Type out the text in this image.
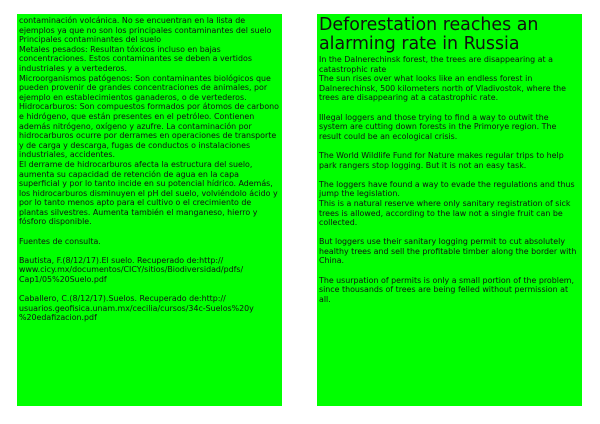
contaminación volcánica. No se encuentran en la lista de ejemplos ya que no son los principales contaminantes del suelo
Principales contaminantes del suelo
Metales pesados: Resultan tóxicos incluso en bajas concentraciones. Estos contaminantes se deben a vertidos industriales y a vertederos.
Microorganismos patógenos: Son contaminantes biológicos que pueden provenir de grandes concentraciones de animales, por ejemplo en establecimientos ganaderos, o de vertederos.
Hidrocarburos: Son compuestos formados por átomos de carbono e hidrógeno, que están presentes en el petróleo. Contienen además nitrógeno, oxígeno y azufre. La contaminación por hidrocarburos ocurre por derrames en operaciones de transporte y de carga y descarga, fugas de conductos o instalaciones industriales, accidentes.
El derrame de hidrocarburos afecta la estructura del suelo, aumenta su capacidad de retención de agua en la capa superficial y por lo tanto incide en su potencial hídrico. Además, los hidrocarburos disminuyen el pH del suelo, volviéndolo ácido y por lo tanto menos apto para el cultivo o el crecimiento de plantas silvestres. Aumenta también el manganeso, hierro y fósforo disponible.

Fuentes de consulta.

Bautista, F.(8/12/17).El suelo. Recuperado de:http://
www.cicy.mx/documentos/CICY/sitios/Biodiversidad/pdfs/
Cap1/05%20Suelo.pdf

Caballero, C.(8/12/17).Suelos. Recuperado de:http://
usuarios.geofisica.unam.mx/cecilia/cursos/34c-Suelos%20y
%20edafizacion.pdf

Deforestation reaches an alarming rate in Russia

In the Dalnerechinsk forest, the trees are disappearing at a catastrophic rate
The sun rises over what looks like an endless forest in Dalnerechinsk, 500 kilometers north of Vladivostok, where the trees are disappearing at a catastrophic rate.

Illegal loggers and those trying to find a way to outwit the system are cutting down forests in the Primorye region. The result could be an ecological crisis.

The World Wildlife Fund for Nature makes regular trips to help park rangers stop logging. But it is not an easy task.

The loggers have found a way to evade the regulations and thus jump the legislation.
This is a natural reserve where only sanitary registration of sick trees is allowed, according to the law not a single fruit can be collected.

But loggers use their sanitary logging permit to cut absolutely healthy trees and sell the profitable timber along the border with China.

The usurpation of permits is only a small portion of the problem, since thousands of trees are being felled without permission at all.
